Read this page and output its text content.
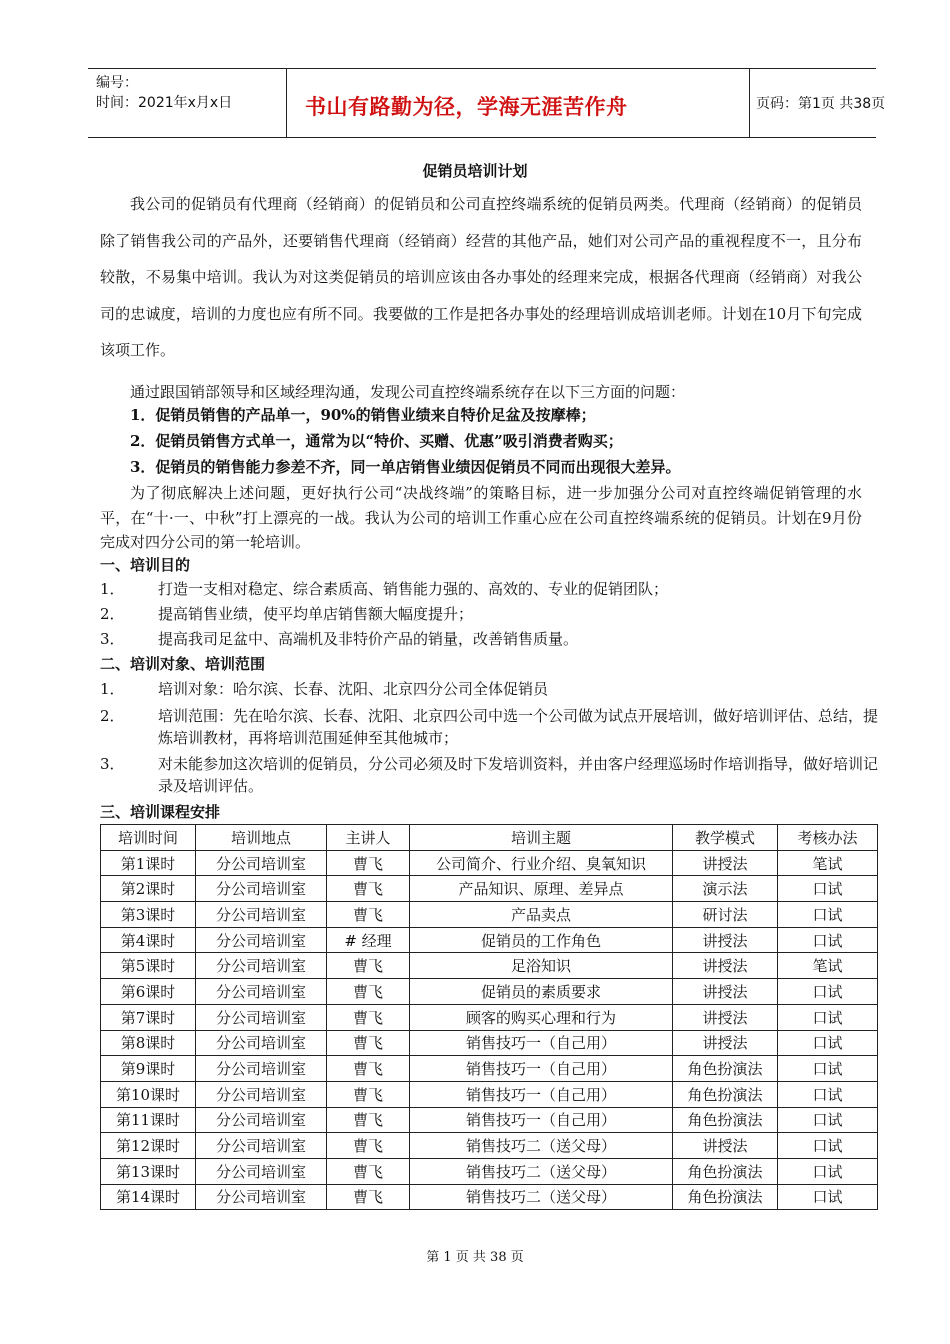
编号：
时间：2021年x月x日	书山有路勤为径，学海无涯苦作舟	页码：第1页 共38页
促销员培训计划

我公司的促销员有代理商（经销商）的促销员和公司直控终端系统的促销员两类。代理商（经销商）的促销员除了销售我公司的产品外，还要销售代理商（经销商）经营的其他产品，她们对公司产品的重视程度不一，且分布较散，不易集中培训。我认为对这类促销员的培训应该由各办事处的经理来完成，根据各代理商（经销商）对我公司的忠诚度，培训的力度也应有所不同。我要做的工作是把各办事处的经理培训成培训老师。计划在10月下旬完成该项工作。

通过跟国销部领导和区域经理沟通，发现公司直控终端系统存在以下三方面的问题：
1．促销员销售的产品单一，90%的销售业绩来自特价足盆及按摩棒；
2．促销员销售方式单一，通常为以“特价、买赠、优惠”吸引消费者购买；
3．促销员的销售能力参差不齐，同一单店销售业绩因促销员不同而出现很大差异。

为了彻底解决上述问题，更好执行公司“决战终端”的策略目标，进一步加强分公司对直控终端促销管理的水平，在“十·一、中秋”打上漂亮的一战。我认为公司的培训工作重心应在公司直控终端系统的促销员。计划在9月份完成对四分公司的第一轮培训。

一、培训目的
1． 打造一支相对稳定、综合素质高、销售能力强的、高效的、专业的促销团队；
2． 提高销售业绩，使平均单店销售额大幅度提升；
3． 提高我司足盆中、高端机及非特价产品的销量，改善销售质量。
二、培训对象、培训范围
1． 培训对象：哈尔滨、长春、沈阳、北京四分公司全体促销员
2． 培训范围：先在哈尔滨、长春、沈阳、北京四公司中选一个公司做为试点开展培训，做好培训评估、总结，提炼培训教材，再将培训范围延伸至其他城市；
3． 对未能参加这次培训的促销员，分公司必须及时下发培训资料，并由客户经理巡场时作培训指导，做好培训记录及培训评估。
三、培训课程安排
培训时间	培训地点	主讲人	培训主题	教学模式	考核办法
第1课时	分公司培训室	曹飞	公司简介、行业介绍、臭氧知识	讲授法	笔试
第2课时	分公司培训室	曹飞	产品知识、原理、差异点	演示法	口试
第3课时	分公司培训室	曹飞	产品卖点	研讨法	口试
第4课时	分公司培训室	# 经理	促销员的工作角色	讲授法	口试
第5课时	分公司培训室	曹飞	足浴知识	讲授法	笔试
第6课时	分公司培训室	曹飞	促销员的素质要求	讲授法	口试
第7课时	分公司培训室	曹飞	顾客的购买心理和行为	讲授法	口试
第8课时	分公司培训室	曹飞	销售技巧一（自己用）	讲授法	口试
第9课时	分公司培训室	曹飞	销售技巧一（自己用）	角色扮演法	口试
第10课时	分公司培训室	曹飞	销售技巧一（自己用）	角色扮演法	口试
第11课时	分公司培训室	曹飞	销售技巧一（自己用）	角色扮演法	口试
第12课时	分公司培训室	曹飞	销售技巧二（送父母）	讲授法	口试
第13课时	分公司培训室	曹飞	销售技巧二（送父母）	角色扮演法	口试
第14课时	分公司培训室	曹飞	销售技巧二（送父母）	角色扮演法	口试
第 1 页 共 38 页
